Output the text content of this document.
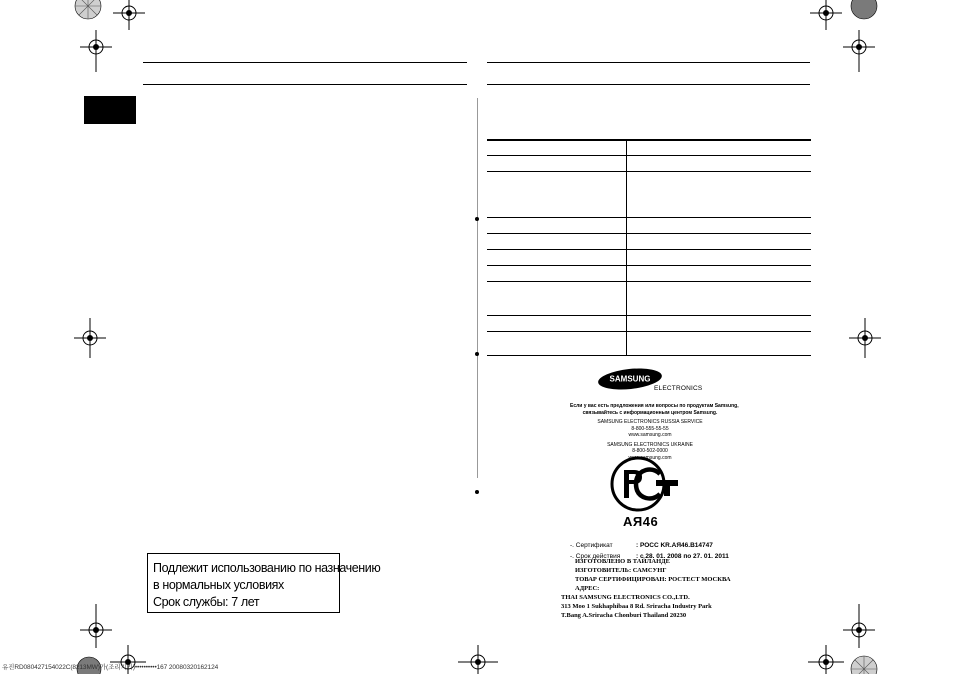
SAMSUNG
ELECTRONICS
Если у вас есть предложения или вопросы по продуктам Samsung,
связывайтесь с информационным центром Samsung.
SAMSUNG ELECTRONICS RUSSIA SERVICE
8-800-555-55-55
www.samsung.com
SAMSUNG ELECTRONICS UKRAINE
8-800-502-0000
www.samsung.com
АЯ46
-. Сертификат	: РОСС KR.АЯ46.B14747
-. Срок действия : с 28. 01. 2008 по 27. 01. 2011
ИЗГОТОВЛЕНО В ТАЙЛАНДЕ
ИЗГОТОВИТЕЛЬ: САМСУНГ
ТОВАР СЕРТИФИЦИРОВАН: РОСТЕСТ МОСКВА
АДРЕС:
THAI SAMSUNG ELECTRONICS CO.,LTD.
313 Moo 1 Sukhaphibaa 8 Rd. Sriracha Industry Park
T.Bang A.Sriracha Chonburi Thailand 20230
Подлежит использованию по назначению
в нормальных условиях
Срок службы: 7 лет
유진RD080427154022C(8213MW)가(조리기기)••••••••••167 20080320162124
